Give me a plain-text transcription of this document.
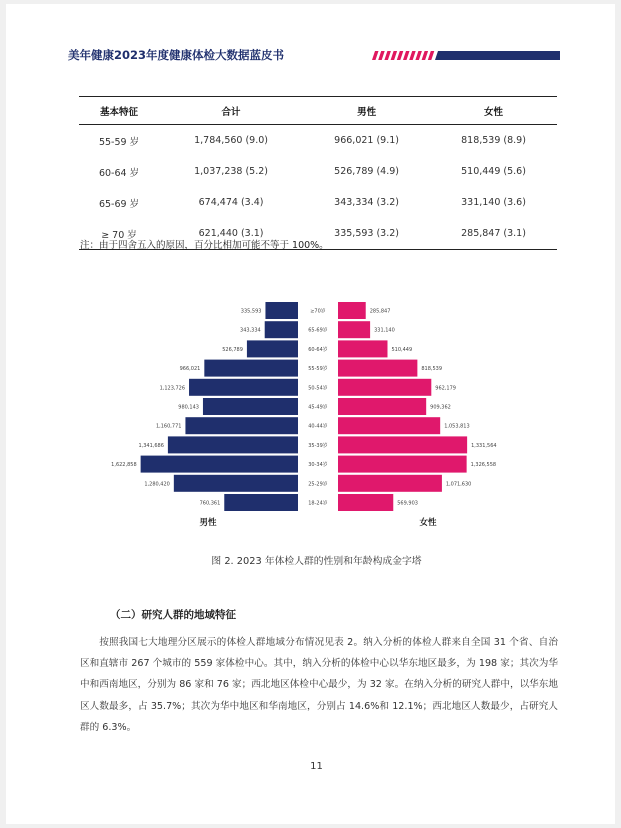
美年健康2023年度健康体检大数据蓝皮书
基本特征	合计	男性	女性
55-59 岁	1,784,560 (9.0)	966,021 (9.1)	818,539 (8.9)
60-64 岁	1,037,238 (5.2)	526,789 (4.9)	510,449 (5.6)
65-69 岁	674,474 (3.4)	343,334 (3.2)	331,140 (3.6)
≥ 70 岁	621,440 (3.1)	335,593 (3.2)	285,847 (3.1)
注：由于四舍五入的原因，百分比相加可能不等于 100%。
335,593	285,847
≥70岁
343,334	331,140
65-69岁
526,789	510,449
60-64岁
966,021	818,539
55-59岁
1,123,726	962,179
50-54岁
980,143	909,362
45-49岁
1,160,771	1,053,813
40-44岁
1,341,686	1,331,564
35-39岁
1,622,858	1,326,558
30-34岁
1,280,420	1,071,630
25-29岁
760,361	569,903
18-24岁
男性	女性
图 2. 2023 年体检人群的性别和年龄构成金字塔
（二）研究人群的地域特征
按照我国七大地理分区展示的体检人群地域分布情况见表 2。纳入分析的体检人群来自全国 31 个省、自治区和直辖市 267 个城市的 559 家体检中心。其中，纳入分析的体检中心以华东地区最多，为 198 家；其次为华中和西南地区，分别为 86 家和 76 家；西北地区体检中心最少，为 32 家。在纳入分析的研究人群中，以华东地区人数最多，占 35.7%；其次为华中地区和华南地区，分别占 14.6%和 12.1%；西北地区人数最少，占研究人群的 6.3%。
11
